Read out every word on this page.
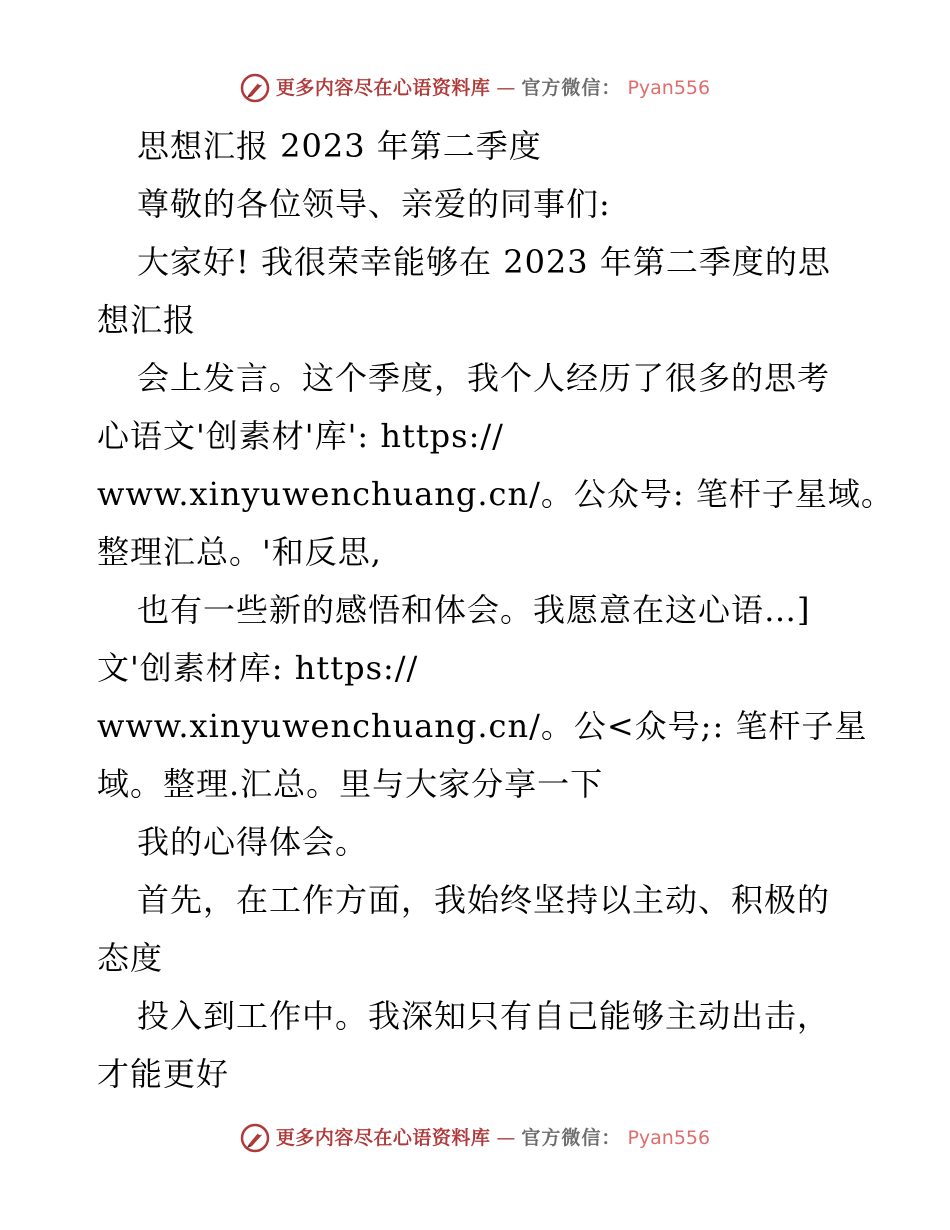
更多内容尽在心语资料库 — 官方微信： Pyan556
思想汇报 2023 年第二季度
尊敬的各位领导、亲爱的同事们:
大家好! 我很荣幸能够在 2023 年第二季度的思
想汇报
会上发言。这个季度，我个人经历了很多的思考
心语文'创素材'库': https://
www.xinyuwenchuang.cn/。公众号: 笔杆子星域。
整理汇总。'和反思,
也有一些新的感悟和体会。我愿意在这心语…]
文'创素材库: https://
www.xinyuwenchuang.cn/。公<众号;: 笔杆子星
域。整理.汇总。里与大家分享一下
我的心得体会。
首先，在工作方面，我始终坚持以主动、积极的
态度
投入到工作中。我深知只有自己能够主动出击，
才能更好
更多内容尽在心语资料库 — 官方微信： Pyan556
